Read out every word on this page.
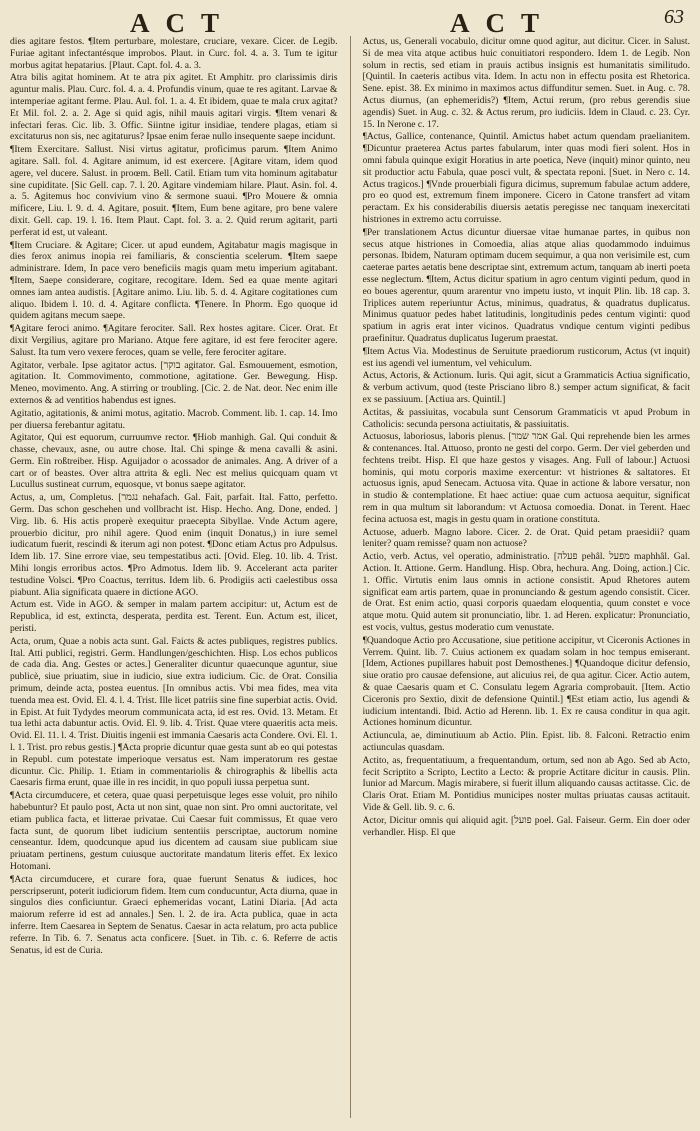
ACT	ACT	63

dies agitare festos. ¶Item perturbare, molestare, cruciare, vexare. Cicer. de Legib. Furiae agitant infectantésque improbos. Plaut. in Curc. fol. 4. a. 3. Tum te igitur morbus agitat hepatarius. [Plaut. Capt. fol. 4. a. 3.

Atra bilis agitat hominem. At te atra pix agitet. Et Amphitr. pro clarissimis diris aguntur malis. Plau. Curc. fol. 4. a. 4. Profundis vinum, quae te res agitant. Larvae & intemperiae agitant ferme. Plau. Aul. fol. 1. a. 4. Et ibidem, quae te mala crux agitat? Et Mil. fol. 2. a. 2. Age si quid agis, nihil mauis agitari virgis. ¶Item venari & infectari feras. Cic. lib. 3. Offic. Siintne igitur insidiae, tendere plagas, etiam si excitaturus non sis, nec agitaturus? Ipsae enim ferae nullo insequente saepe incidunt.

¶Item Exercitare. Sallust. Nisi virtus agitatur, proficimus parum. ¶Item Animo agitare. Sall. fol. 4. Agitare animum, id est exercere. [Agitare vitam, idem quod agere, vel ducere. Salust. in proœm. Bell. Catil. Etiam tum vita hominum agitabatur sine cupiditate. [Sic Gell. cap. 7. l. 20. Agitare vindemiam hilare. Plaut. Asin. fol. 4. a. 5. Agitemus hoc convivium vino & sermone suaui. ¶Pro Mouere & omnia mificere, Liu. l. 9. d. 4. Agitare, posuit. ¶Item, Eum bene agitare, pro bene valere dixit. Gell. cap. 19. l. 16. Item Plaut. Capt. fol. 3. a. 2. Quid rerum agitarit, parti perferat id est, ut valeant.

¶Item Cruciare. & Agitare; Cicer. ut apud eundem, Agitabatur magis magisque in dies ferox animus inopia rei familiaris, & conscientia scelerum. ¶Item saepe administrare. Idem, In pace vero beneficiis magis quam metu imperium agitabant. ¶Item, Saepe considerare, cogitare, recogitare. Idem. Sed ea quae mente agitari omnes iam antea audistis. [Agitare animo. Liu. lib. 5. d. 4. Agitare cogitationes cum aliquo. Ibidem l. 10. d. 4. Agitare conflicta. ¶Tenere. In Phorm. Ego quoque id quidem agitans mecum saepe.

¶Agitare feroci animo. ¶Agitare ferociter. Sall. Rex hostes agitare. Cicer. Orat. Et dixit Vergilius, agitare pro Mariano. Atque fere agitare, id est fere ferociter agere. Salust. Ita tum vero vexere feroces, quam se velle, fere ferociter agitare.

Agitator, verbale. Ipse agitator actus. [בוקר agitator. Gal. Esmouuement, esmotion, agitation. It. Commovimento, commotione, agitatione. Ger. Bewegung. Hisp. Meneo, movimento. Ang. A stirring or troubling. [Cic. 2. de Nat. deor. Nec enim ille externos & ad ventitios habendus est ignes.

Agitatio, agitationis, & animi motus, agitatio. Macrob. Comment. lib. 1. cap. 14. Imo per diuersa ferebantur agitatu.

Agitator, Qui est equorum, curruumve rector. ¶Hiob manhigh. Gal. Qui conduit & chasse, chevaux, asne, ou autre chose. Ital. Chi spinge & mena cavalli & asini. Germ. Ein roßtreiber. Hisp. Aguijador o acossador de animales. Ang. A driver of a cart or of beastes. Over altra attrita & egli. Nec est melius quicquam quam vt Lucullus sustineat currum, equosque, vt bonus saepe agitator.

Actus, a, um, Completus. [נגמר nehafach. Gal. Fait, parfait. Ital. Fatto, perfetto. Germ. Das schon geschehen und vollbracht ist. Hisp. Hecho. Ang. Done, ended. ] Virg. lib. 6. His actis properè exequitur praecepta Sibyllae. Vnde Actum agere, prouerbio dicitur, pro nihil agere. Quod enim (inquit Donatus,) in iure semel iudicatum fuerit, rescindi & iterum agi non potest. ¶Donc etiam Actus pro Adpulsus. Idem lib. 17. Sine errore viae, seu tempestatibus acti. [Ovid. Eleg. 10. lib. 4. Trist. Mihi longis erroribus actos. ¶Pro Admotus. Idem lib. 9. Accelerant acta pariter testudine Volsci. ¶Pro Coactus, territus. Idem lib. 6. Prodigiis acti caelestibus ossa piabunt. Alia significata quaere in dictione AGO.

Actum est. Vide in AGO. & semper in malam partem accipitur: ut, Actum est de Republica, id est, extincta, desperata, perdita est. Terent. Eun. Actum est, ilicet, peristi.

Acta, orum, Quae a nobis acta sunt. Gal. Faicts & actes publiques, registres publics. Ital. Atti publici, registri. Germ. Handlungen/geschichten. Hisp. Los echos publicos de cada dia. Ang. Gestes or actes.] Generaliter dicuntur quaecunque aguntur, siue publicè, siue priuatim, siue in iudicio, siue extra iudicium. Cic. de Orat. Consilia primum, deinde acta, postea euentus. [In omnibus actis. Vbi mea fides, mea vita tuenda mea est. Ovid. El. 4. l. 4. Trist. Ille licet patriis sine fine superbiat actis. Ovid. in Epist. At fuit Tydydes meorum communicata acta, id est res. Ovid. 13. Metam. Et tua lethi acta dabuntur actis. Ovid. El. 9. lib. 4. Trist. Quae vtere quaeritis acta meis. Ovid. El. 11. l. 4. Trist. Diuitis ingenii est immania Caesaris acta Condere. Ovi. El. 1. l. 1. Trist. pro rebus gestis.] ¶Acta proprie dicuntur quae gesta sunt ab eo qui potestas in Republ. cum potestate imperioque versatus est. Nam imperatorum res gestae dicuntur. Cic. Philip. 1. Etiam in commentariolis & chirographis & libellis acta Caesaris firma erunt, quae ille in res incidit, in quo populi iussa perpetua sunt.

¶Acta circumducere, et cetera, quae quasi perpetuisque leges esse voluit, pro nihilo habebuntur? Et paulo post, Acta ut non sint, quae non sint. Pro omni auctoritate, vel etiam publica facta, et litterae privatae. Cui Caesar fuit commissus, Et quae vero facta sunt, de quorum libet iudicium sententiis perscriptae, auctorum nomine censeantur. Idem, quodcunque apud ius dicentem ad causam siue publicam siue priuatam pertinens, gestum cuiusque auctoritate mandatum literis effet. Ex lexico Hotomani.

¶Acta circumducere, et curare fora, quae fuerunt Senatus & iudices, hoc perscripserunt, poterit iudiciorum fidem. Item cum conducuntur, Acta diurna, quae in singulos dies conficiuntur. Graeci ephemeridas vocant, Latini Diaria. [Ad acta maiorum referre id est ad annales.] Sen. l. 2. de ira. Acta publica, quae in acta inferre. Item Caesarea in Septem de Senatus. Caesar in acta relatum, pro acta publice referre. In Tib. 6. 7. Senatus acta conficere. [Suet. in Tib. c. 6. Referre de actis Senatus, id est de Curia.

Actus, us, Generali vocabulo, dicitur omne quod agitur, aut dicitur. Cicer. in Salust. Si de mea vita atque actibus huic conuitiatori respondero. Idem 1. de Legib. Non solum in rectis, sed etiam in prauis actibus insignis est humanitatis similitudo. [Quintil. In caeteris actibus vita. Idem. In actu non in effectu posita est Rhetorica. Sene. epist. 38. Ex minimo in maximos actus diffunditur semen. Suet. in Aug. c. 78. Actus diurnus, (an ephemeridis?) ¶Item, Actui rerum, (pro rebus gerendis siue agendis) Suet. in Aug. c. 32. & Actus rerum, pro iudiciis. Idem in Claud. c. 23. Cyr. 15. In Nerone c. 17.

¶Actus, Gallice, contenance, Quintil. Amictus habet actum quendam praelianitem. ¶Dicuntur praeterea Actus partes fabularum, inter quas modi fieri solent. Hos in omni fabula quinque exigit Horatius in arte poetica, Neve (inquit) minor quinto, neu sit productior actu Fabula, quae posci vult, & spectata reponi. [Suet. in Nero c. 14. Actus tragicos.] ¶Vnde prouerbiali figura dicimus, supremum fabulae actum addere, pro eo quod est, extremum finem imponere. Cicero in Catone transfert ad vitam peractam. Ex his considerabilis diuersis aetatis peregisse nec tanquam inexercitati histriones in extremo actu corruisse.

¶Per translationem Actus dicuntur diuersae vitae humanae partes, in quibus non secus atque histriones in Comoedia, alias atque alias quodammodo induimus personas. Ibidem, Naturam optimam ducem sequimur, a qua non verisimile est, cum caeterae partes aetatis bene descriptae sint, extremum actum, tanquam ab inerti poeta esse neglectum. ¶Item, Actus dicitur spatium in agro centum viginti pedum, quod in eo boues agerentur, quum ararentur vno impetu iusto, vt inquit Plin. lib. 18 cap. 3. Triplices autem reperiuntur Actus, minimus, quadratus, & quadratus duplicatus. Minimus quatuor pedes habet latitudinis, longitudinis pedes centum viginti: quod spatium in agris erat inter vicinos. Quadratus vndique centum viginti pedibus praefinitur. Quadratus duplicatus Iugerum praestat.

¶Item Actus Via. Modestinus de Seruitute praediorum rusticorum, Actus (vt inquit) est ius agendi vel iumentum, vel vehiculum.

Actus, Actoris, & Actionum. Iuris. Qui agit, sicut a Grammaticis Actiua significatio, & verbum activum, quod (teste Prisciano libro 8.) semper actum significat, & facit ex se passiuum. [Actiua ars. Quintil.]

Actitas, & passiuitas, vocabula sunt Censorum Grammaticis vt apud Probum in Catholicis: secunda persona actiuitatis, & passiuitatis.

Actuosus, laboriosus, laboris plenus. [אמר שמר Gal. Qui reprehende bien les armes & contenances. Ital. Attuoso, pronto ne gesti del corpo. Germ. Der viel geberden und fechtens treibt. Hisp. El que haze gestos y visages. Ang. Full of labour.] Actuosi hominis, qui motu corporis maxime exercentur: vt histriones & saltatores. Et actuosus ignis, apud Senecam. Actuosa vita. Quae in actione & labore versatur, non in studio & contemplatione. Et haec actiue: quae cum actuosa aequitur, significat rem in qua multum sit laborandum: vt Actuosa comoedia. Donat. in Terent. Haec fecina actuosa est, magis in gestu quam in oratione constituta.

Actuose, aduerb. Magno labore. Cicer. 2. de Orat. Quid petam praesidii? quam leniter? quam remisse? quam non actuose?

Actio, verb. Actus, vel operatio, administratio. [פעלה pehâl. מפעל maphhâl. Gal. Action. It. Attione. Germ. Handlung. Hisp. Obra, hechura. Ang. Doing, action.] Cic. 1. Offic. Virtutis enim laus omnis in actione consistit. Apud Rhetores autem significat eam artis partem, quae in pronunciando & gestum agendo consistit. Cicer. de Orat. Est enim actio, quasi corporis quaedam eloquentia, quum constet e voce atque motu. Quid autem sit pronunciatio, libr. 1. ad Heren. explicatur: Pronunciatio, est vocis, vultus, gestus moderatio cum venustate.

¶Quandoque Actio pro Accusatione, siue petitione accipitur, vt Ciceronis Actiones in Verrem. Quint. lib. 7. Cuius actionem ex quadam solam in hoc tempus emiserant. [Idem, Actiones pupillares habuit post Demosthenes.] ¶Quandoque dicitur defensio, siue oratio pro causae defensione, aut alicuius rei, de qua agitur. Cicer. Actio autem, & quae Caesaris quam et C. Consulatu legem Agraria comprobauit. [Item. Actio Ciceronis pro Sextio, dixit de defensione Quintil.] ¶Est etiam actio, Ius agendi & iudicium intentandi. Ibid. Actio ad Herenn. lib. 1. Ex re causa conditur in qua agit. Actiones hominum dicuntur.

Actiuncula, ae, diminutiuum ab Actio. Plin. Epist. lib. 8. Falconi. Retractio enim actiunculas quasdam.

Actito, as, frequentatiuum, a frequentandum, ortum, sed non ab Ago. Sed ab Acto, fecit Scriptito a Scripto, Lectito a Lecto: & proprie Actitare dicitur in causis. Plin. Iunior ad Marcum. Magis mirabere, si fuerit illum aliquando causas actitasse. Cic. de Claris Orat. Etiam M. Pontidius municipes noster multas priuatas causas actitauit. Vide & Gell. lib. 9. c. 6.

Actor, Dicitur omnis qui aliquid agit. [פועל poel. Gal. Faiseur. Germ. Ein doer oder verhandler. Hisp. El que
